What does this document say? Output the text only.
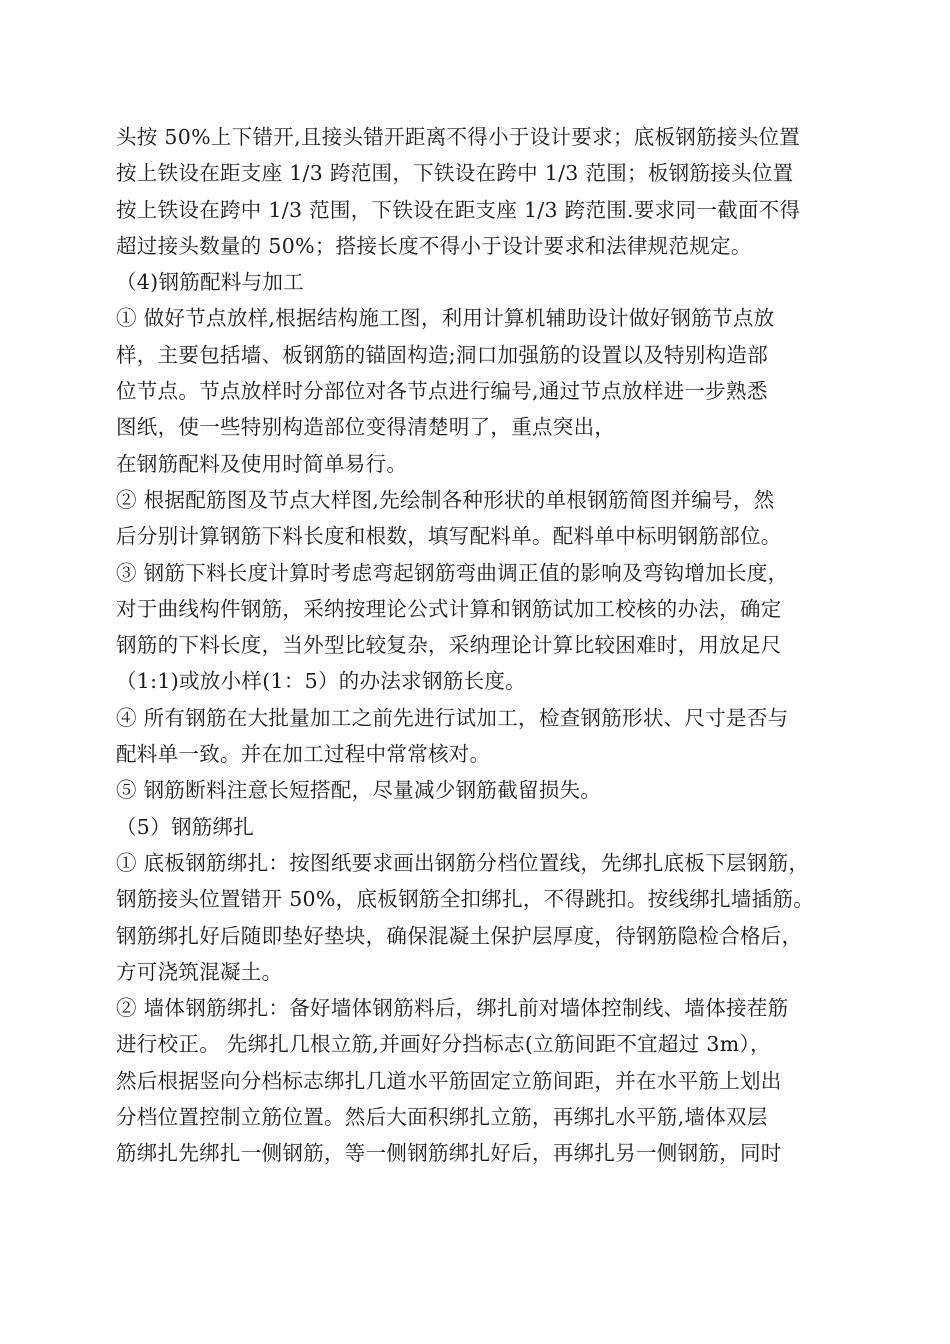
头按 50%上下错开,且接头错开距离不得小于设计要求；底板钢筋接头位置
按上铁设在距支座 1/3 跨范围，下铁设在跨中 1/3 范围；板钢筋接头位置
按上铁设在跨中 1/3 范围，下铁设在距支座 1/3 跨范围.要求同一截面不得
超过接头数量的 50%；搭接长度不得小于设计要求和法律规范规定。
（4)钢筋配料与加工
① 做好节点放样,根据结构施工图，利用计算机辅助设计做好钢筋节点放
样，主要包括墙、板钢筋的锚固构造;洞口加强筋的设置以及特别构造部
位节点。节点放样时分部位对各节点进行编号,通过节点放样进一步熟悉
图纸，使一些特别构造部位变得清楚明了，重点突出，
在钢筋配料及使用时简单易行。
② 根据配筋图及节点大样图,先绘制各种形状的单根钢筋简图并编号，然
后分别计算钢筋下料长度和根数，填写配料单。配料单中标明钢筋部位。
③ 钢筋下料长度计算时考虑弯起钢筋弯曲调正值的影响及弯钩增加长度，
对于曲线构件钢筋，采纳按理论公式计算和钢筋试加工校核的办法，确定
钢筋的下料长度，当外型比较复杂，采纳理论计算比较困难时，用放足尺
（1:1)或放小样(1：5）的办法求钢筋长度。
④ 所有钢筋在大批量加工之前先进行试加工，检查钢筋形状、尺寸是否与
配料单一致。并在加工过程中常常核对。
⑤ 钢筋断料注意长短搭配，尽量减少钢筋截留损失。
（5）钢筋绑扎
① 底板钢筋绑扎：按图纸要求画出钢筋分档位置线，先绑扎底板下层钢筋，
钢筋接头位置错开 50%，底板钢筋全扣绑扎，不得跳扣。按线绑扎墙插筋。
钢筋绑扎好后随即垫好垫块，确保混凝土保护层厚度，待钢筋隐检合格后，
方可浇筑混凝土。
② 墙体钢筋绑扎：备好墙体钢筋料后，绑扎前对墙体控制线、墙体接茬筋
进行校正。 先绑扎几根立筋,并画好分挡标志(立筋间距不宜超过 3m），
然后根据竖向分档标志绑扎几道水平筋固定立筋间距，并在水平筋上划出
分档位置控制立筋位置。然后大面积绑扎立筋，再绑扎水平筋,墙体双层
筋绑扎先绑扎一侧钢筋，等一侧钢筋绑扎好后，再绑扎另一侧钢筋，同时
